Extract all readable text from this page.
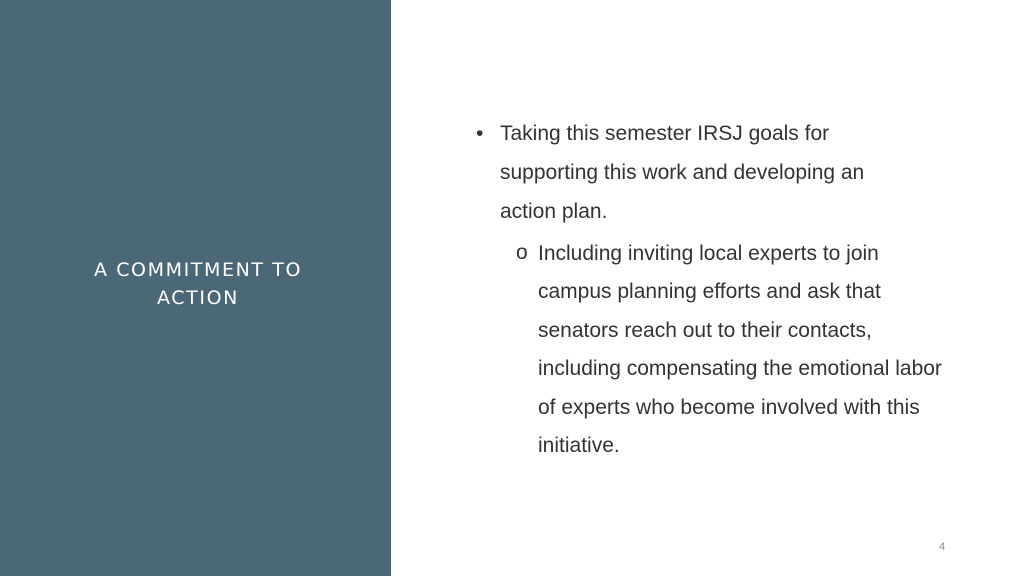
A COMMITMENT TO ACTION
• Taking this semester IRSJ goals for supporting this work and developing an action plan.
o Including inviting local experts to join campus planning efforts and ask that senators reach out to their contacts, including compensating the emotional labor of experts who become involved with this initiative.
4
